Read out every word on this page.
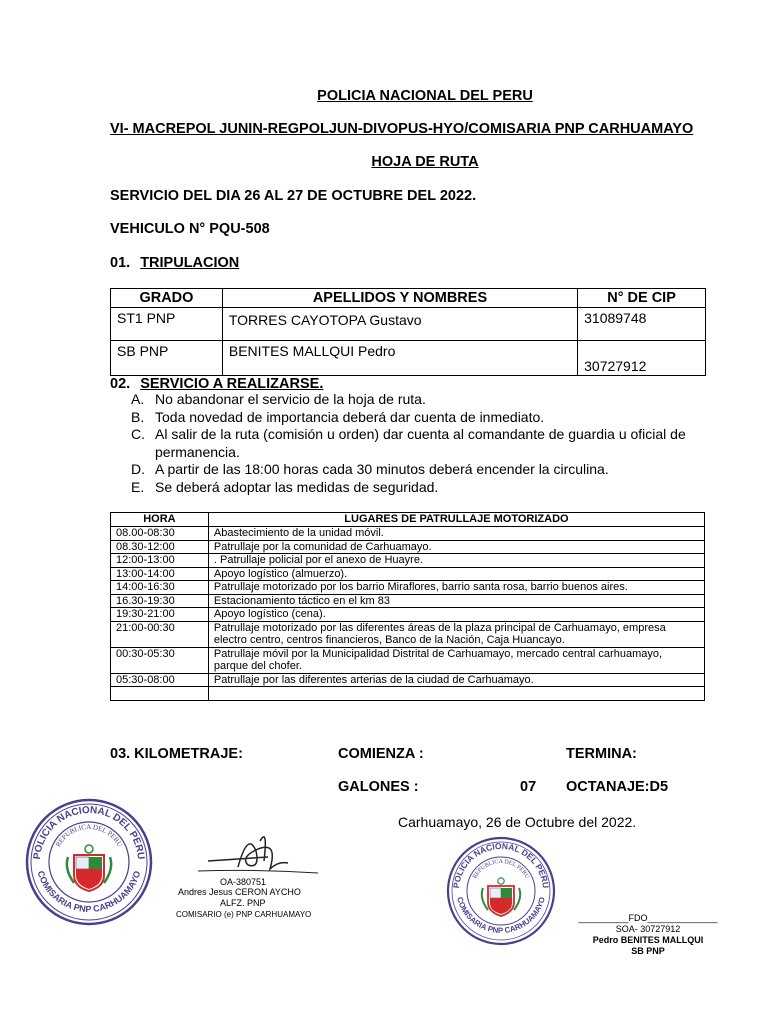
POLICIA NACIONAL DEL PERU
VI- MACREPOL JUNIN-REGPOLJUN-DIVOPUS-HYO/COMISARIA PNP CARHUAMAYO
HOJA DE RUTA
SERVICIO DEL DIA 26 AL 27 DE OCTUBRE DEL 2022.
VEHICULO N° PQU-508
01. TRIPULACION
GRADO	APELLIDOS Y NOMBRES	N° DE CIP
ST1 PNP	TORRES CAYOTOPA Gustavo	31089748
SB PNP	BENITES MALLQUI Pedro	30727912
02. SERVICIO A REALIZARSE.
A. No abandonar el servicio de la hoja de ruta.
B. Toda novedad de importancia deberá dar cuenta de inmediato.
C. Al salir de la ruta (comisión u orden) dar cuenta al comandante de guardia u oficial de permanencia.
D. A partir de las 18:00 horas cada 30 minutos deberá encender la circulina.
E. Se deberá adoptar las medidas de seguridad.
HORA	LUGARES DE PATRULLAJE MOTORIZADO
08.00-08:30	Abastecimiento de la unidad móvil.
08.30-12:00	Patrullaje por la comunidad de Carhuamayo.
12:00-13:00	. Patrullaje policial por el anexo de Huayre.
13:00-14:00	Apoyo logístico (almuerzo).
14:00-16:30	Patrullaje motorizado por los barrio Miraflores, barrio santa rosa, barrio buenos aires.
16.30-19:30	Estacionamiento táctico en el km 83
19:30-21:00	Apoyo logístico (cena).
21:00-00:30	Patrullaje motorizado por las diferentes áreas de la plaza principal de Carhuamayo, empresa electro centro, centros financieros, Banco de la Nación, Caja Huancayo.
00:30-05:30	Patrullaje móvil por la Municipalidad Distrital de Carhuamayo, mercado central carhuamayo, parque del chofer.
05:30-08:00	Patrullaje por las diferentes arterias de la ciudad de Carhuamayo.

03. KILOMETRAJE:	COMIENZA :	TERMINA:
GALONES :	07 OCTANAJE:D5
Carhuamayo, 26 de Octubre del 2022.
POLICIA NACIONAL DEL PERU
COMISARIA PNP CARHUAMAYO
REPUBLICA DEL PERU
OA-380751
Andres Jesus CERON AYCHO
ALFZ. PNP
COMISARIO (e) PNP CARHUAMAYO
POLICIA NACIONAL DEL PERU
COMISARIA PNP CARHUAMAYO
REPUBLICA DEL PERU
__________FDO______________
SOA- 30727912
Pedro BENITES MALLQUI
SB PNP
